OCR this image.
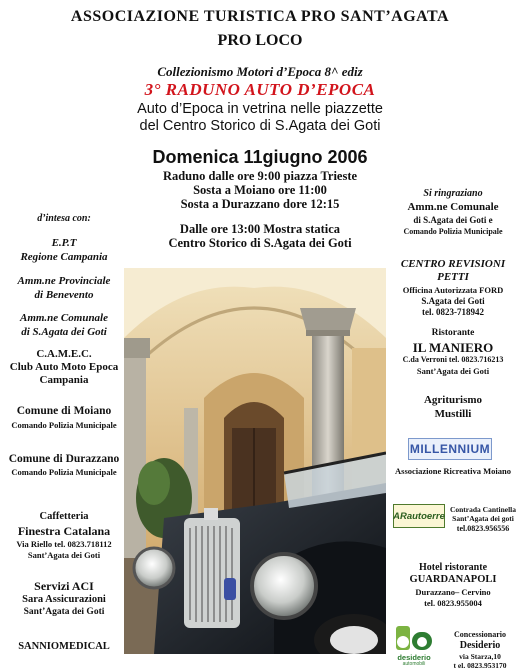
ASSOCIAZIONE TURISTICA PRO SANT’AGATA
PRO LOCO
Collezionismo Motori d’Epoca 8^ ediz
3° RADUNO AUTO D’EPOCA
Auto d’Epoca in vetrina nelle piazzette
del Centro Storico di S.Agata dei Goti
Domenica 11giugno 2006
Raduno dalle ore 9:00 piazza Trieste
Sosta a Moiano ore 11:00
Sosta a Durazzano dore 12:15
Dalle ore 13:00 Mostra statica
Centro Storico di S.Agata dei Goti
d’intesa con:
E.P.T
Regione Campania
Amm.ne Provinciale
di Benevento
Amm.ne Comunale
di S.Agata dei Goti
C.A.M.E.C.
Club Auto Moto Epoca
Campania
Comune di Moiano
Comando Polizia Municipale
Comune di Durazzano
Comando Polizia Municipale
Caffetteria
Finestra Catalana
Via Riello tel. 0823.718112
Sant’Agata dei Goti
Servizi ACI
Sara Assicurazioni
Sant’Agata dei Goti
SANNIOMEDICAL
Si ringraziano
Amm.ne Comunale
di S.Agata dei Goti e
Comando Polizia Municipale
CENTRO REVISIONI
PETTI
Officina Autorizzata FORD
S.Agata dei Goti
tel. 0823-718942
Ristorante
IL MANIERO
C.da Verroni tel. 0823.716213
Sant’Agata dei Goti
Agriturismo
Mustilli
MILLENNIUM
Associazione Ricreativa Moiano
ARautoerre
Contrada Cantinella
Sant’Agata dei goti
tel.0823.956556
Hotel ristorante
GUARDANAPOLI
Durazzano– Cervino
tel. 0823.955004
desiderio
automobili
Concessionario
Desiderio
via Starza,10
t el. 0823.953170
